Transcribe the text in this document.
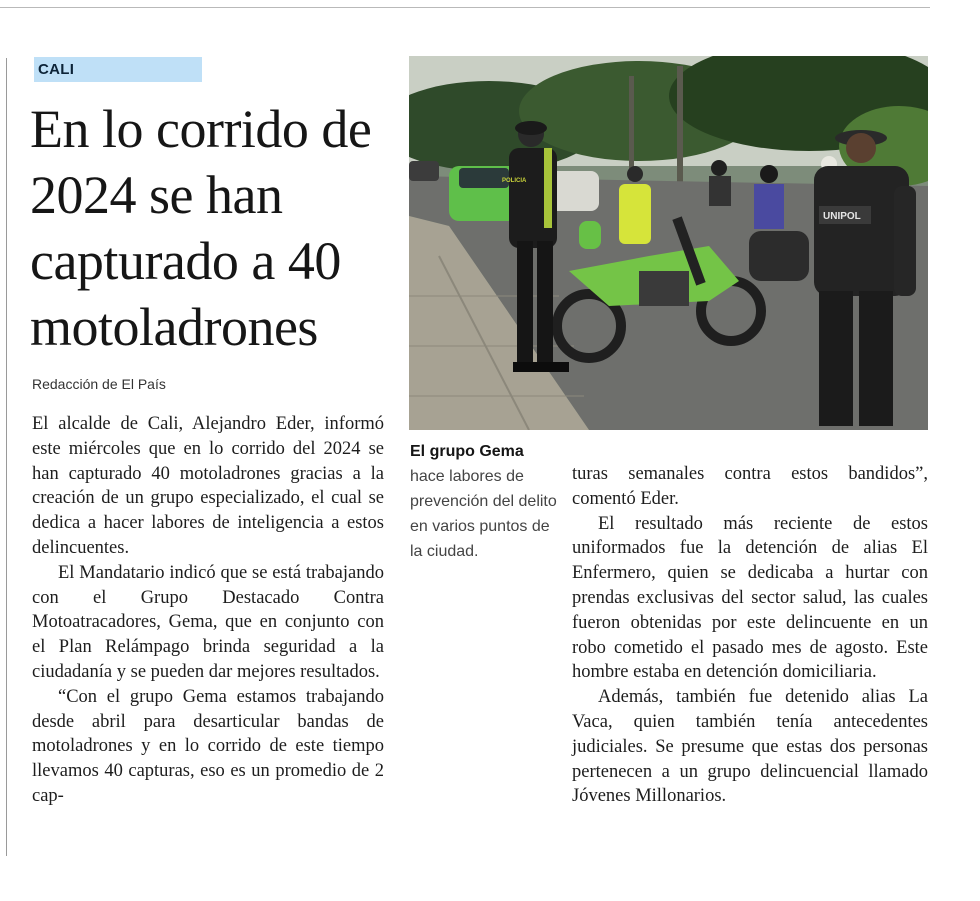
CALI
En lo corrido de 2024 se han capturado a 40 motoladrones
Redacción de El País

El alcalde de Cali, Alejandro Eder, informó este miércoles que en lo corrido del 2024 se han capturado 40 motoladrones gracias a la creación de un grupo especializado, el cual se dedica a hacer labores de inteligencia a estos delincuentes.

El Mandatario indicó que se está trabajando con el Grupo Destacado Contra Motoatracadores, Gema, que en conjunto con el Plan Relámpago brinda seguridad a la ciudadanía y se pueden dar mejores resultados.

“Con el grupo Gema estamos trabajando desde abril para desarticular bandas de motoladrones y en lo corrido de este tiempo llevamos 40 capturas, eso es un promedio de 2 cap-

UNIPOL
POLICIA
El grupo Gema
hace labores de prevención del delito en varios puntos de la ciudad.

turas semanales contra estos bandidos”, comentó Eder.

El resultado más reciente de estos uniformados fue la detención de alias El Enfermero, quien se dedicaba a hurtar con prendas exclusivas del sector salud, las cuales fueron obtenidas por este delincuente en un robo cometido el pasado mes de agosto. Este hombre estaba en detención domiciliaria.

Además, también fue detenido alias La Vaca, quien también tenía antecedentes judiciales. Se presume que estas dos personas pertenecen a un grupo delincuencial llamado Jóvenes Millonarios.
